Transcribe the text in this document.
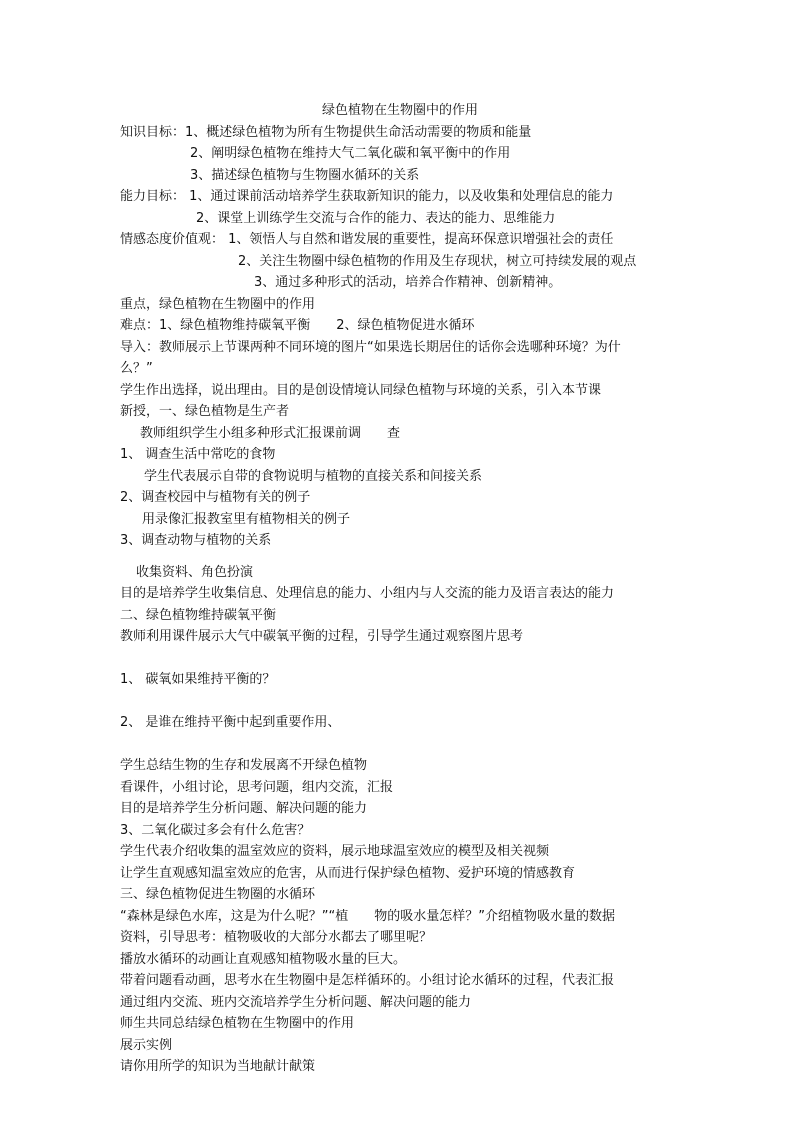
绿色植物在生物圈中的作用
知识目标：1、概述绿色植物为所有生物提供生命活动需要的物质和能量
2、阐明绿色植物在维持大气二氧化碳和氧平衡中的作用
3、描述绿色植物与生物圈水循环的关系
能力目标： 1、通过课前活动培养学生获取新知识的能力，以及收集和处理信息的能力
2、课堂上训练学生交流与合作的能力、表达的能力、思维能力
情感态度价值观： 1、领悟人与自然和谐发展的重要性，提高环保意识增强社会的责任
2、关注生物圈中绿色植物的作用及生存现状，树立可持续发展的观点
3、通过多种形式的活动，培养合作精神、创新精神。
重点，绿色植物在生物圈中的作用
难点：1、绿色植物维持碳氧平衡　　2、绿色植物促进水循环
导入：教师展示上节课两种不同环境的图片“如果选长期居住的话你会选哪种环境？为什
么？”
学生作出选择，说出理由。目的是创设情境认同绿色植物与环境的关系，引入本节课
新授，一、绿色植物是生产者
教师组织学生小组多种形式汇报课前调　　查
1、 调查生活中常吃的食物
学生代表展示自带的食物说明与植物的直接关系和间接关系
2、调查校园中与植物有关的例子
用录像汇报教室里有植物相关的例子
3、调查动物与植物的关系
收集资料、角色扮演
目的是培养学生收集信息、处理信息的能力、小组内与人交流的能力及语言表达的能力
二、绿色植物维持碳氧平衡
教师利用课件展示大气中碳氧平衡的过程，引导学生通过观察图片思考
1、 碳氧如果维持平衡的？
2、 是谁在维持平衡中起到重要作用、
学生总结生物的生存和发展离不开绿色植物
看课件，小组讨论，思考问题，组内交流，汇报
目的是培养学生分析问题、解决问题的能力
3、二氧化碳过多会有什么危害？
学生代表介绍收集的温室效应的资料，展示地球温室效应的模型及相关视频
让学生直观感知温室效应的危害，从而进行保护绿色植物、爱护环境的情感教育
三、绿色植物促进生物圈的水循环
“森林是绿色水库，这是为什么呢？”“植　　物的吸水量怎样？”介绍植物吸水量的数据
资料，引导思考：植物吸收的大部分水都去了哪里呢？
播放水循环的动画让直观感知植物吸水量的巨大。
带着问题看动画，思考水在生物圈中是怎样循环的。小组讨论水循环的过程，代表汇报
通过组内交流、班内交流培养学生分析问题、解决问题的能力
师生共同总结绿色植物在生物圈中的作用
展示实例
请你用所学的知识为当地献计献策
